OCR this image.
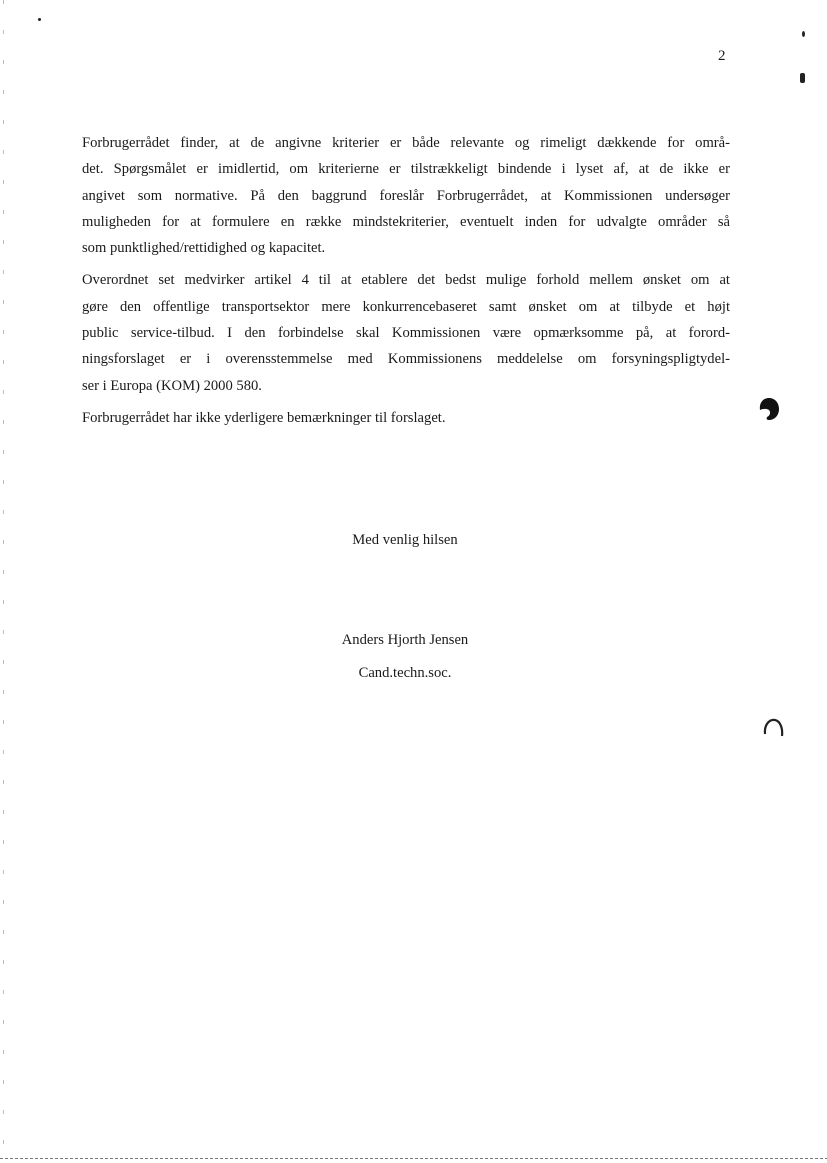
2
Forbrugerrådet finder, at de angivne kriterier er både relevante og rimeligt dækkende for områ-
det. Spørgsmålet er imidlertid, om kriterierne er tilstrækkeligt bindende i lyset af, at de ikke er
angivet som normative. På den baggrund foreslår Forbrugerrådet, at Kommissionen undersøger
muligheden for at formulere en række mindstekriterier, eventuelt inden for udvalgte områder så
som punktlighed/rettidighed og kapacitet.
Overordnet set medvirker artikel 4 til at etablere det bedst mulige forhold mellem ønsket om at
gøre den offentlige transportsektor mere konkurrencebaseret samt ønsket om at tilbyde et højt
public service-tilbud. I den forbindelse skal Kommissionen være opmærksomme på, at forord-
ningsforslaget er i overensstemmelse med Kommissionens meddelelse om forsyningspligtydel-
ser i Europa (KOM) 2000 580.
Forbrugerrådet har ikke yderligere bemærkninger til forslaget.
Med venlig hilsen
Anders Hjorth Jensen
Cand.techn.soc.
